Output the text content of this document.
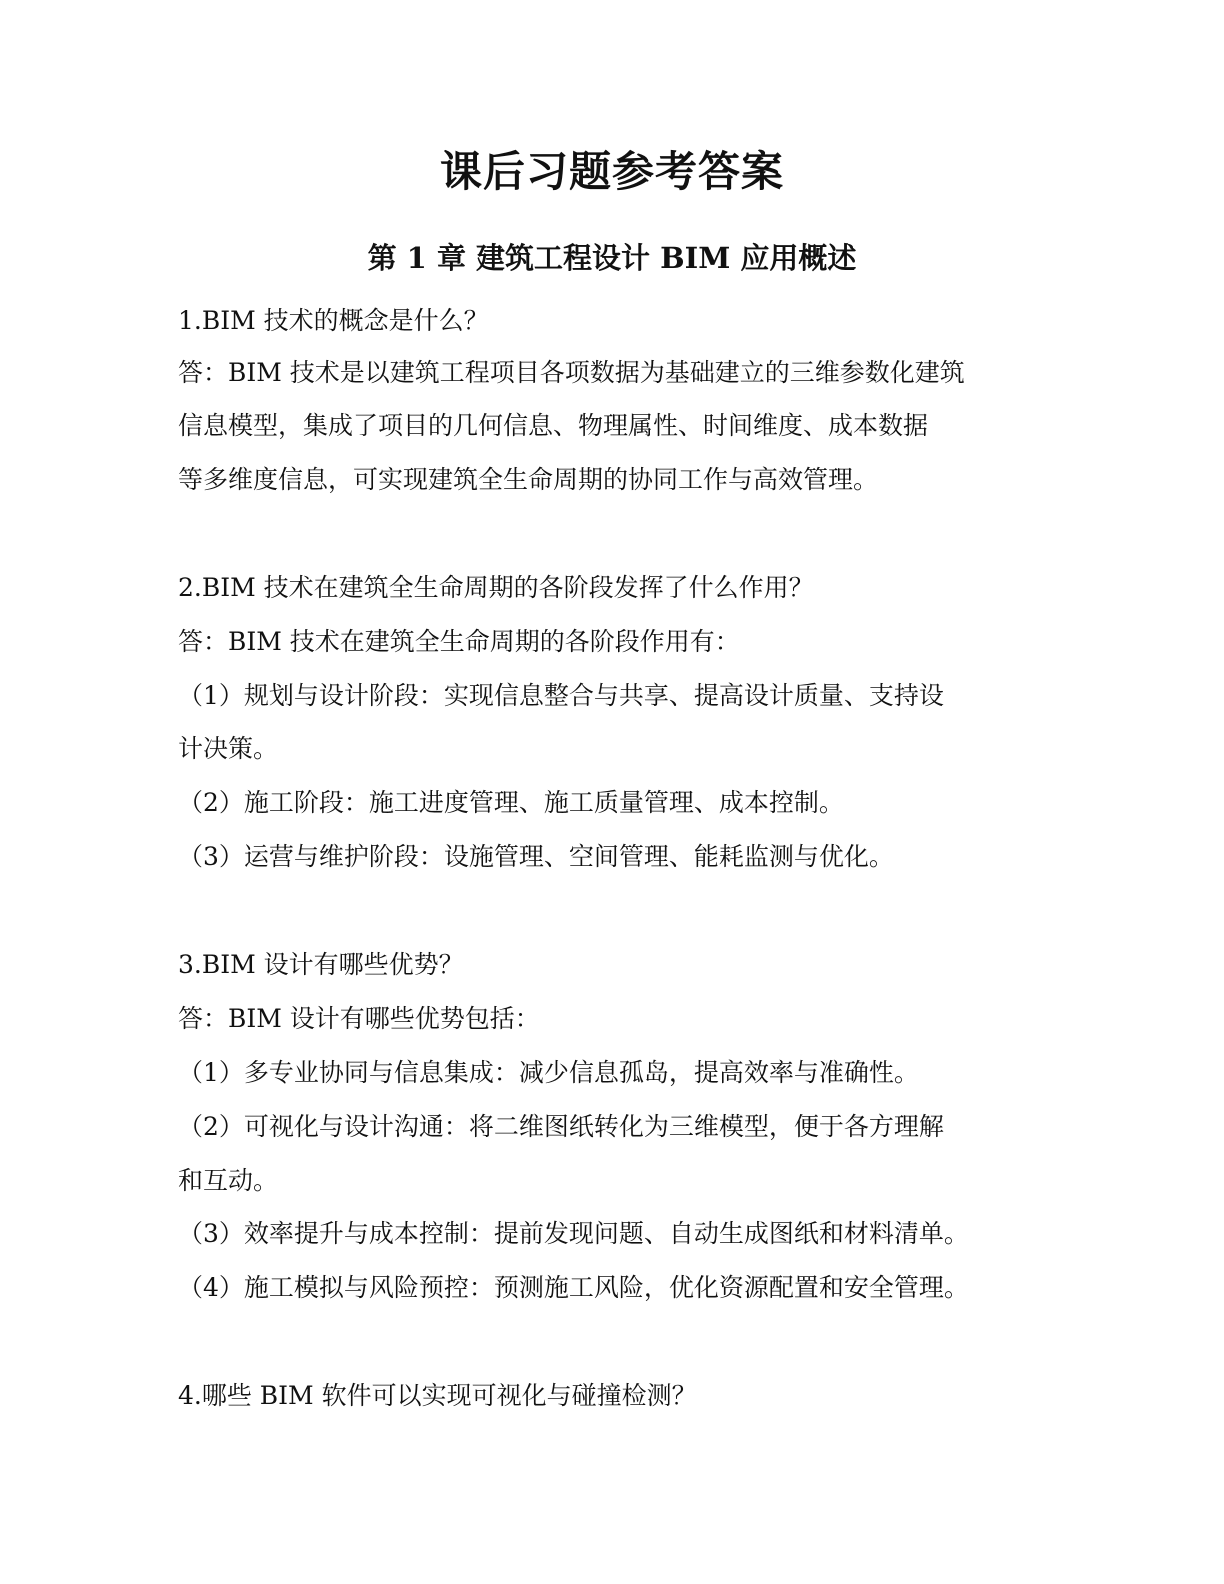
课后习题参考答案
第 1 章 建筑工程设计 BIM 应用概述

1.BIM 技术的概念是什么？

答：BIM 技术是以建筑工程项目各项数据为基础建立的三维参数化建筑

信息模型，集成了项目的几何信息、物理属性、时间维度、成本数据

等多维度信息，可实现建筑全生命周期的协同工作与高效管理。

2.BIM 技术在建筑全生命周期的各阶段发挥了什么作用？

答：BIM 技术在建筑全生命周期的各阶段作用有：

（1）规划与设计阶段：实现信息整合与共享、提高设计质量、支持设

计决策。

（2）施工阶段：施工进度管理、施工质量管理、成本控制。

（3）运营与维护阶段：设施管理、空间管理、能耗监测与优化。

3.BIM 设计有哪些优势？

答：BIM 设计有哪些优势包括：

（1）多专业协同与信息集成：减少信息孤岛，提高效率与准确性。

（2）可视化与设计沟通：将二维图纸转化为三维模型，便于各方理解

和互动。

（3）效率提升与成本控制：提前发现问题、自动生成图纸和材料清单。

（4）施工模拟与风险预控：预测施工风险，优化资源配置和安全管理。

4.哪些 BIM 软件可以实现可视化与碰撞检测？
